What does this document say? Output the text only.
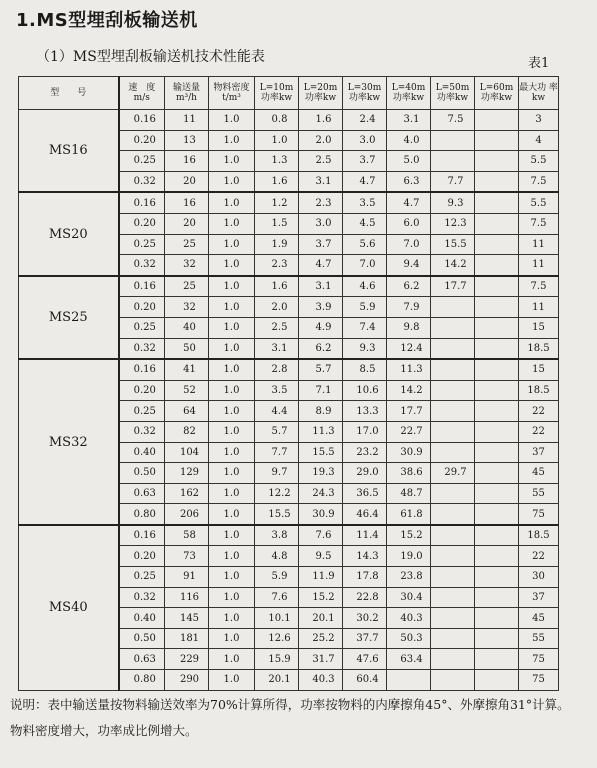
1.MS型埋刮板输送机
（1）MS型埋刮板输送机技术性能表	表1
型　　号	速　度 m/s	输送量 m³/h	物料密度 t/m³	L=10m 功率kw	L=20m 功率kw	L=30m 功率kw	L=40m 功率kw	L=50m 功率kw	L=60m 功率kw	最大功 率kw
MS16	0.16	11	1.0	0.8	1.6	2.4	3.1	7.5		3
	0.20	13	1.0	1.0	2.0	3.0	4.0			4
	0.25	16	1.0	1.3	2.5	3.7	5.0			5.5
	0.32	20	1.0	1.6	3.1	4.7	6.3	7.7		7.5
MS20	0.16	16	1.0	1.2	2.3	3.5	4.7	9.3		5.5
	0.20	20	1.0	1.5	3.0	4.5	6.0	12.3		7.5
	0.25	25	1.0	1.9	3.7	5.6	7.0	15.5		11
	0.32	32	1.0	2.3	4.7	7.0	9.4	14.2		11
MS25	0.16	25	1.0	1.6	3.1	4.6	6.2	17.7		7.5
	0.20	32	1.0	2.0	3.9	5.9	7.9			11
	0.25	40	1.0	2.5	4.9	7.4	9.8			15
	0.32	50	1.0	3.1	6.2	9.3	12.4			18.5
MS32	0.16	41	1.0	2.8	5.7	8.5	11.3			15
	0.20	52	1.0	3.5	7.1	10.6	14.2			18.5
	0.25	64	1.0	4.4	8.9	13.3	17.7			22
	0.32	82	1.0	5.7	11.3	17.0	22.7			22
	0.40	104	1.0	7.7	15.5	23.2	30.9			37
	0.50	129	1.0	9.7	19.3	29.0	38.6	29.7		45
	0.63	162	1.0	12.2	24.3	36.5	48.7			55
	0.80	206	1.0	15.5	30.9	46.4	61.8			75
MS40	0.16	58	1.0	3.8	7.6	11.4	15.2			18.5
	0.20	73	1.0	4.8	9.5	14.3	19.0			22
	0.25	91	1.0	5.9	11.9	17.8	23.8			30
	0.32	116	1.0	7.6	15.2	22.8	30.4			37
	0.40	145	1.0	10.1	20.1	30.2	40.3			45
	0.50	181	1.0	12.6	25.2	37.7	50.3			55
	0.63	229	1.0	15.9	31.7	47.6	63.4			75
	0.80	290	1.0	20.1	40.3	60.4				75
说明：表中输送量按物料输送效率为70%计算所得，功率按物料的内摩擦角45°、外摩擦角31°计算。物料密度增大，功率成比例增大。
